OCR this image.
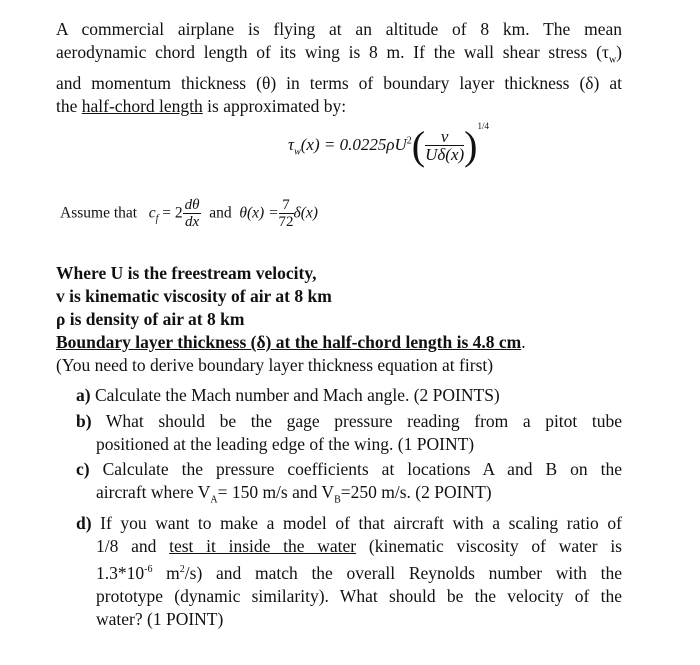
A commercial airplane is flying at an altitude of 8 km. The mean
aerodynamic chord length of its wing is 8 m. If the wall shear stress $(\tau_w)$
and momentum thickness (θ) in terms of boundary layer thickness (δ) at
the half-chord length is approximated by:
$\tau_w(x) = 0.0225\rho U^2( \frac{\nu}{U\delta(x)} )^{1/4}$
Assume that $c_f = 2 \frac{d\theta}{dx}$ and $\theta(x) = \frac{7}{72} \delta(x)$
Where U is the freestream velocity,
v is kinematic viscosity of air at 8 km
ρ is density of air at 8 km
Boundary layer thickness (δ) at the half-chord length is 4.8 cm.
(You need to derive boundary layer thickness equation at first)
a) Calculate the Mach number and Mach angle. (2 POINTS)
b) What should be the gage pressure reading from a pitot tube
positioned at the leading edge of the wing. (1 POINT)
c) Calculate the pressure coefficients at locations A and B on the
aircraft where $V_A= 150$ m/s and $V_B=250$ m/s. (2 POINT)
d) If you want to make a model of that aircraft with a scaling ratio of
1/8 and test it inside the water (kinematic viscosity of water is
$1.3*10^{-6}$ $m^2/s$) and match the overall Reynolds number with the
prototype (dynamic similarity). What should be the velocity of the
water? (1 POINT)
